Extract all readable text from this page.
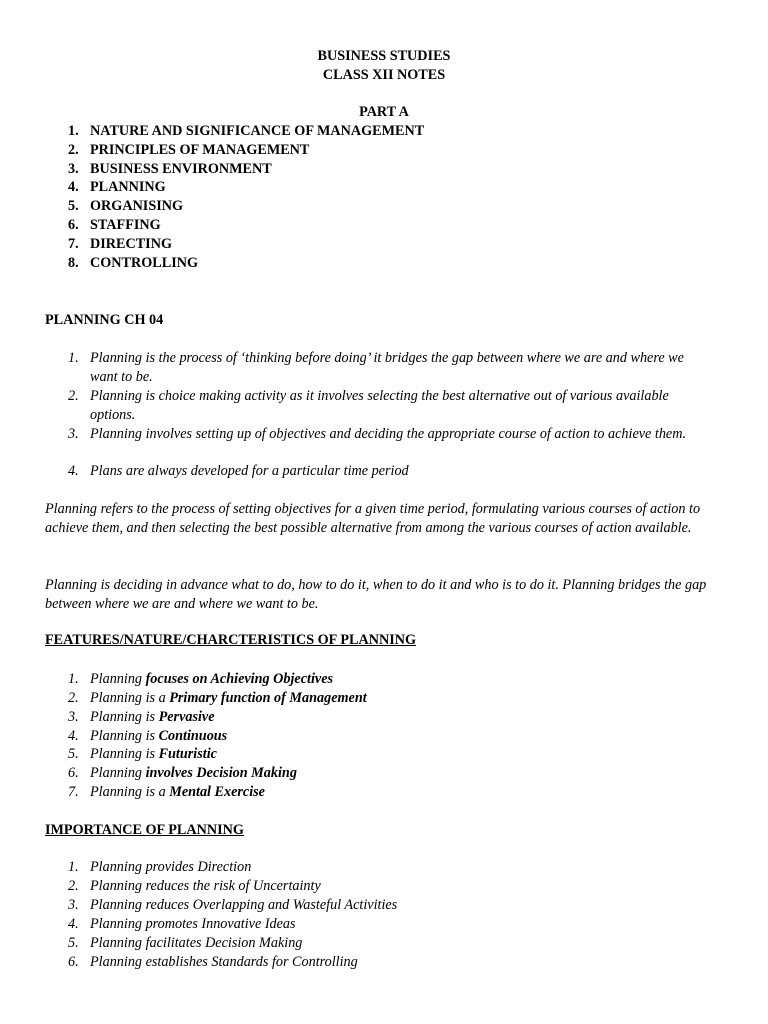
BUSINESS STUDIES
CLASS XII NOTES
PART A
1. NATURE AND SIGNIFICANCE OF MANAGEMENT
2. PRINCIPLES OF MANAGEMENT
3. BUSINESS ENVIRONMENT
4. PLANNING
5. ORGANISING
6. STAFFING
7. DIRECTING
8. CONTROLLING
PLANNING CH 04
1. Planning is the process of ‘thinking before doing’ it bridges the gap between where we are and where we want to be.
2. Planning is choice making activity as it involves selecting the best alternative out of various available options.
3. Planning involves setting up of objectives and deciding the appropriate course of action to achieve them.
4. Plans are always developed for a particular time period
Planning refers to the process of setting objectives for a given time period, formulating various courses of action to achieve them, and then selecting the best possible alternative from among the various courses of action available.
Planning is deciding in advance what to do, how to do it, when to do it and who is to do it. Planning bridges the gap between where we are and where we want to be.
FEATURES/NATURE/CHARCTERISTICS OF PLANNING
1. Planning focuses on Achieving Objectives
2. Planning is a Primary function of Management
3. Planning is Pervasive
4. Planning is Continuous
5. Planning is Futuristic
6. Planning involves Decision Making
7. Planning is a Mental Exercise
IMPORTANCE OF PLANNING
1. Planning provides Direction
2. Planning reduces the risk of Uncertainty
3. Planning reduces Overlapping and Wasteful Activities
4. Planning promotes Innovative Ideas
5. Planning facilitates Decision Making
6. Planning establishes Standards for Controlling
